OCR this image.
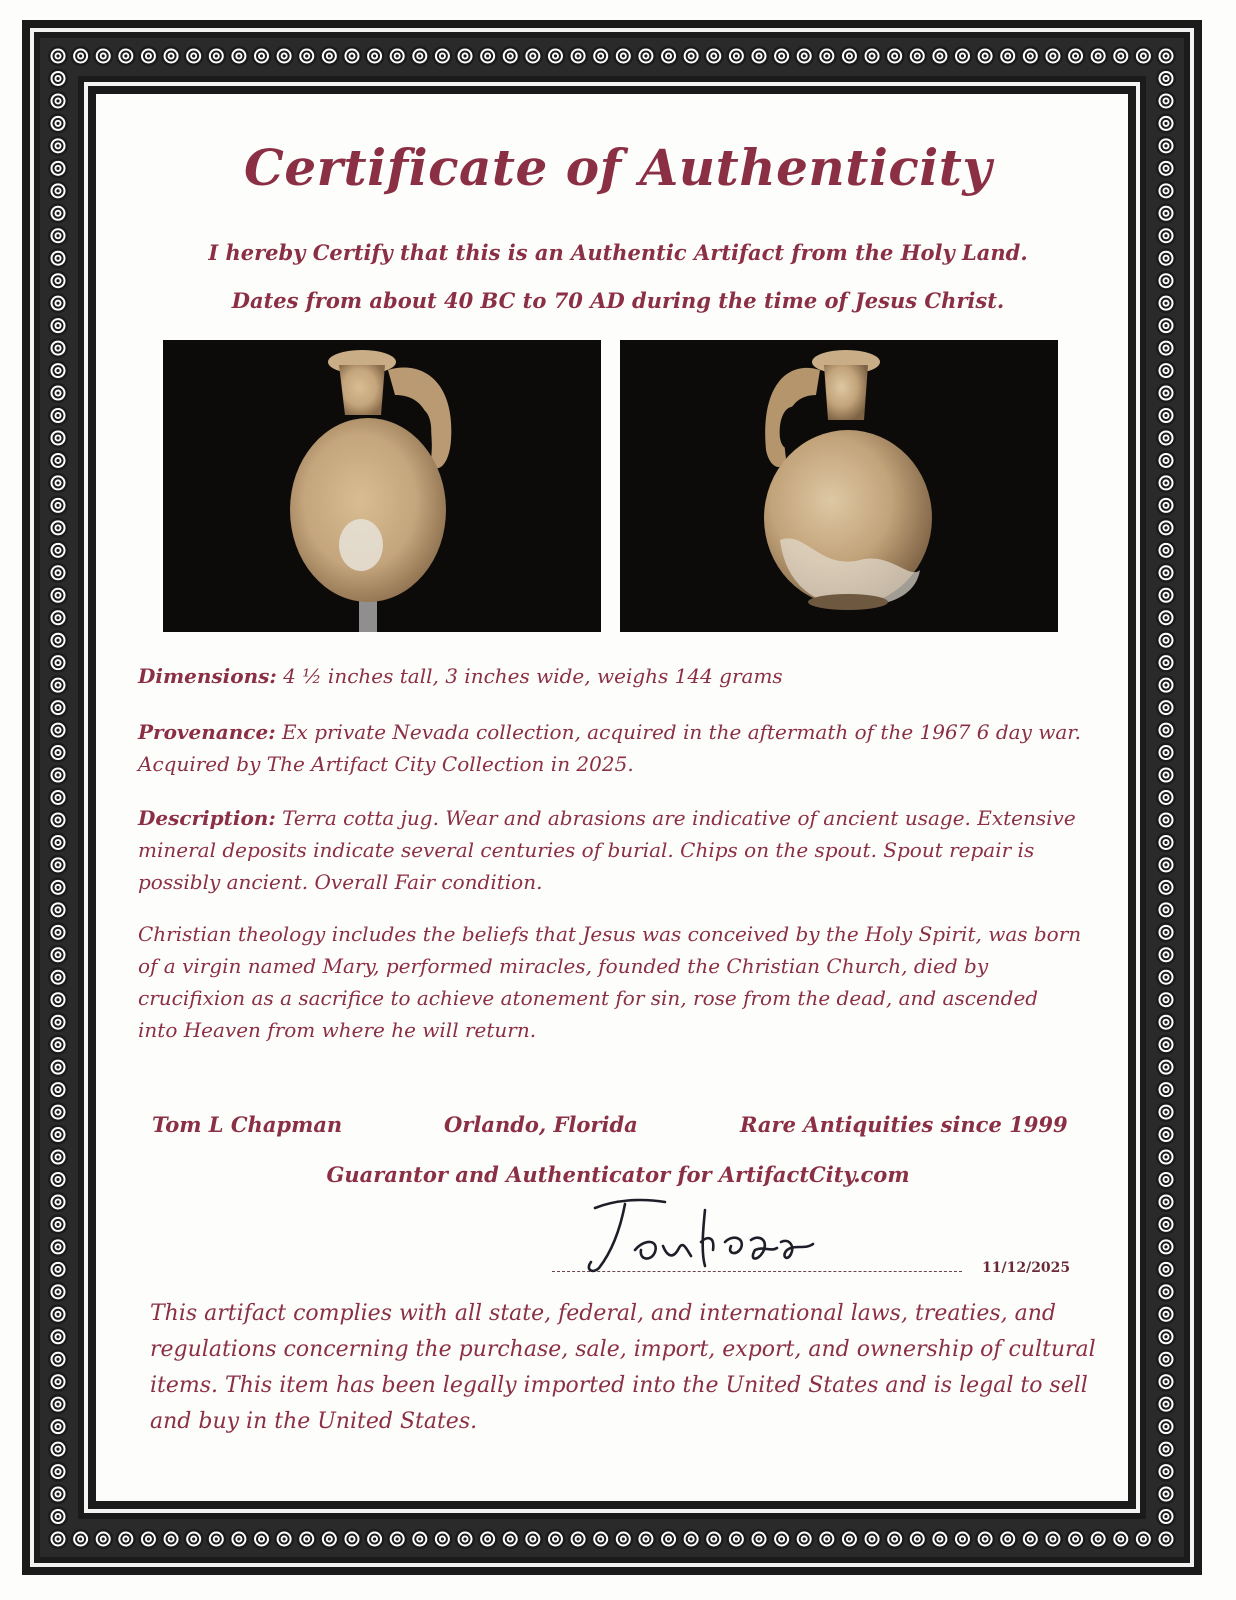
Certificate of Authenticity

I hereby Certify that this is an Authentic Artifact from the Holy Land.

Dates from about 40 BC to 70 AD during the time of Jesus Christ.

Dimensions: 4 ½ inches tall, 3 inches wide, weighs 144 grams

Provenance: Ex private Nevada collection, acquired in the aftermath of the 1967 6 day war. Acquired by The Artifact City Collection in 2025.

Description: Terra cotta jug. Wear and abrasions are indicative of ancient usage. Extensive mineral deposits indicate several centuries of burial. Chips on the spout. Spout repair is possibly ancient. Overall Fair condition.

Christian theology includes the beliefs that Jesus was conceived by the Holy Spirit, was born of a virgin named Mary, performed miracles, founded the Christian Church, died by crucifixion as a sacrifice to achieve atonement for sin, rose from the dead, and ascended into Heaven from where he will return.

Tom L Chapman	Orlando, Florida	Rare Antiquities since 1999

Guarantor and Authenticator for ArtifactCity.com

11/12/2025

This artifact complies with all state, federal, and international laws, treaties, and regulations concerning the purchase, sale, import, export, and ownership of cultural items. This item has been legally imported into the United States and is legal to sell and buy in the United States.
